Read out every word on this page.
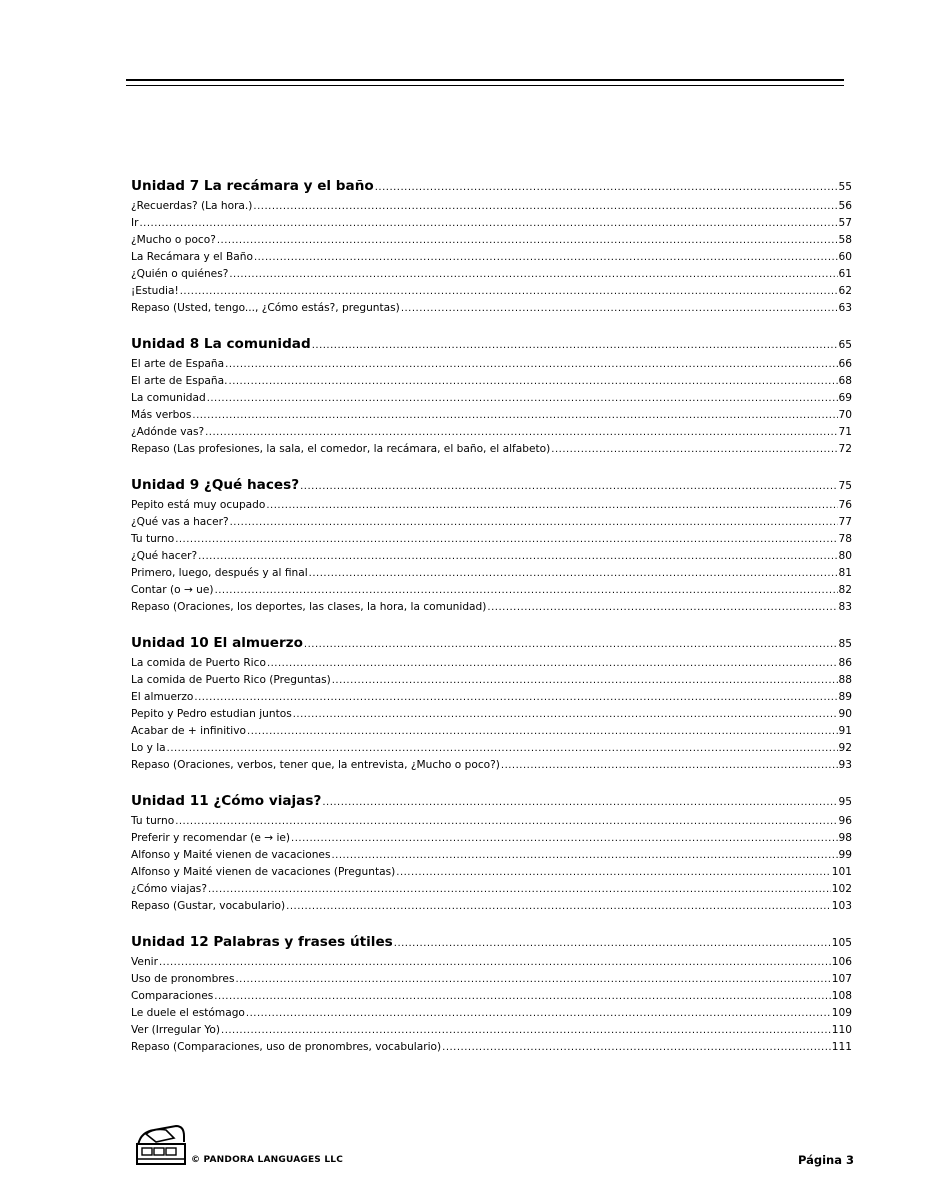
Unidad 7 La recámara y el baño .....	55
¿Recuerdas? (La hora.) .....	56
Ir .....	57
¿Mucho o poco? .....	58
La Recámara y el Baño .....	60
¿Quién o quiénes? .....	61
¡Estudia! .....	62
Repaso (Usted, tengo..., ¿Cómo estás?, preguntas) .....	63
Unidad 8 La comunidad .....	65
El arte de España .....	66
El arte de España. .....	68
La comunidad .....	69
Más verbos .....	70
¿Adónde vas? .....	71
Repaso (Las profesiones, la sala, el comedor, la recámara, el baño, el alfabeto) .....	72
Unidad 9 ¿Qué haces? .....	75
Pepito está muy ocupado .....	76
¿Qué vas a hacer? .....	77
Tu turno .....	78
¿Qué hacer? .....	80
Primero, luego, después y al final .....	81
Contar (o → ue) .....	82
Repaso (Oraciones, los deportes, las clases, la hora, la comunidad) .....	83
Unidad 10 El almuerzo .....	85
La comida de Puerto Rico .....	86
La comida de Puerto Rico (Preguntas) .....	88
El almuerzo .....	89
Pepito y Pedro estudian juntos .....	90
Acabar de + infinitivo .....	91
Lo y la .....	92
Repaso (Oraciones, verbos, tener que, la entrevista, ¿Mucho o poco?) .....	93
Unidad 11 ¿Cómo viajas? .....	95
Tu turno .....	96
Preferir y recomendar (e → ie) .....	98
Alfonso y Maité vienen de vacaciones .....	99
Alfonso y Maité vienen de vacaciones (Preguntas) .....	101
¿Cómo viajas? .....	102
Repaso (Gustar, vocabulario) .....	103
Unidad 12 Palabras y frases útiles .....	105
Venir .....	106
Uso de pronombres .....	107
Comparaciones .....	108
Le duele el estómago .....	109
Ver (Irregular Yo) .....	110
Repaso (Comparaciones, uso de pronombres, vocabulario) .....	111
© PANDORA LANGUAGES LLC	Página 3
